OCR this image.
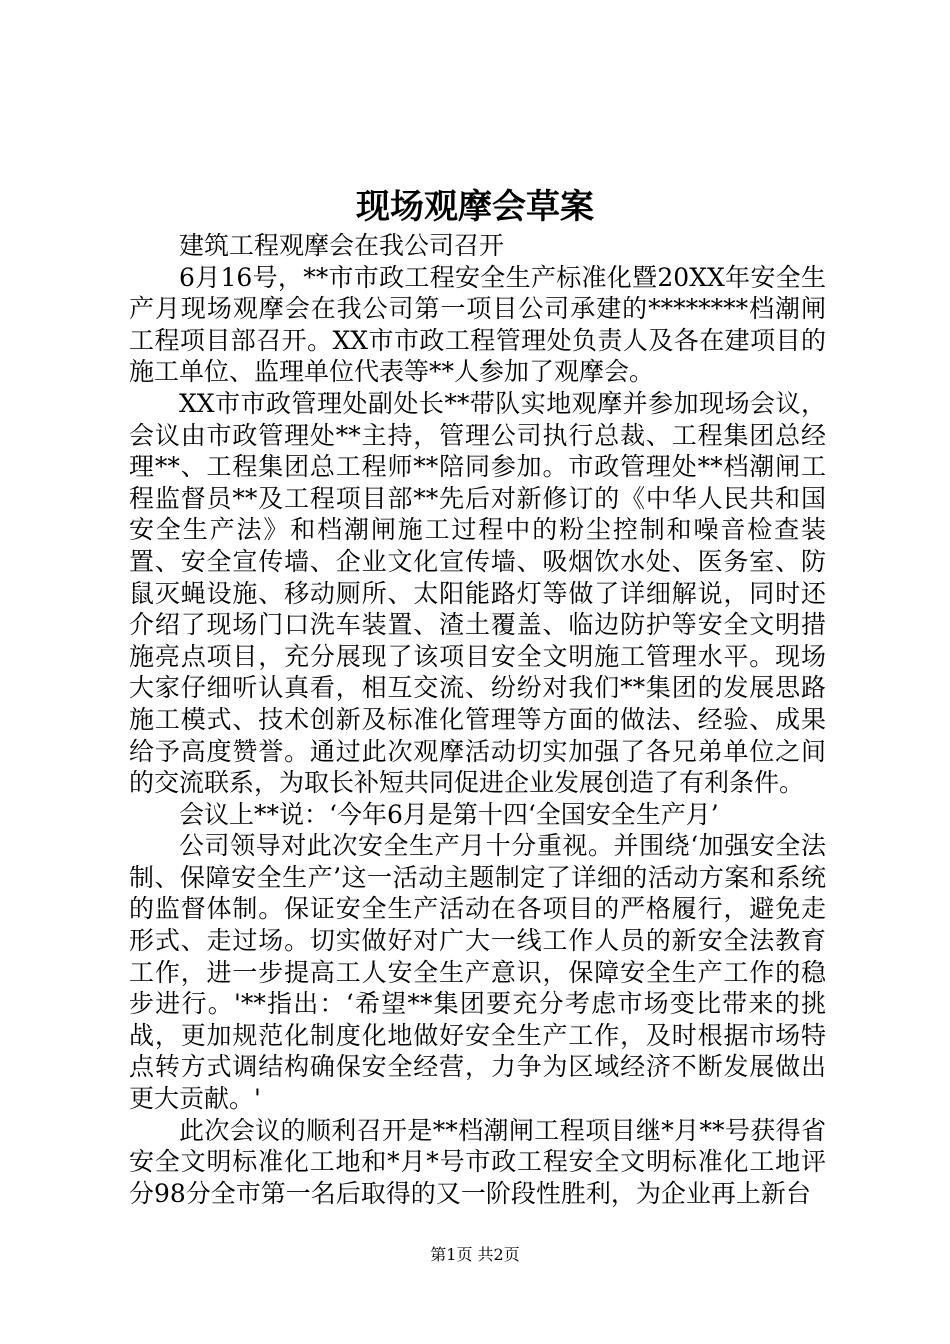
现场观摩会草案

建筑工程观摩会在我公司召开

6月16号，**市市政工程安全生产标准化暨20XX年安全生产月现场观摩会在我公司第一项目公司承建的********档潮闸工程项目部召开。XX市市政工程管理处负责人及各在建项目的施工单位、监理单位代表等**人参加了观摩会。

XX市市政管理处副处长**带队实地观摩并参加现场会议，会议由市政管理处**主持，管理公司执行总裁、工程集团总经理**、工程集团总工程师**陪同参加。市政管理处**档潮闸工程监督员**及工程项目部**先后对新修订的《中华人民共和国安全生产法》和档潮闸施工过程中的粉尘控制和噪音检查装置、安全宣传墙、企业文化宣传墙、吸烟饮水处、医务室、防鼠灭蝇设施、移动厕所、太阳能路灯等做了详细解说，同时还介绍了现场门口洗车装置、渣土覆盖、临边防护等安全文明措施亮点项目，充分展现了该项目安全文明施工管理水平。现场大家仔细听认真看，相互交流、纷纷对我们**集团的发展思路施工模式、技术创新及标准化管理等方面的做法、经验、成果给予高度赞誉。通过此次观摩活动切实加强了各兄弟单位之间的交流联系，为取长补短共同促进企业发展创造了有利条件。

会议上**说：‘今年6月是第十四‘全国安全生产月’

公司领导对此次安全生产月十分重视。并围绕‘加强安全法制、保障安全生产’这一活动主题制定了详细的活动方案和系统的监督体制。保证安全生产活动在各项目的严格履行，避免走形式、走过场。切实做好对广大一线工作人员的新安全法教育工作，进一步提高工人安全生产意识，保障安全生产工作的稳步进行。'**指出：‘希望**集团要充分考虑市场变比带来的挑战，更加规范化制度化地做好安全生产工作，及时根据市场特点转方式调结构确保安全经营，力争为区域经济不断发展做出更大贡献。'

此次会议的顺利召开是**档潮闸工程项目继*月**号获得省安全文明标准化工地和*月*号市政工程安全文明标准化工地评分98分全市第一名后取得的又一阶段性胜利，为企业再上新台

第1页 共2页
